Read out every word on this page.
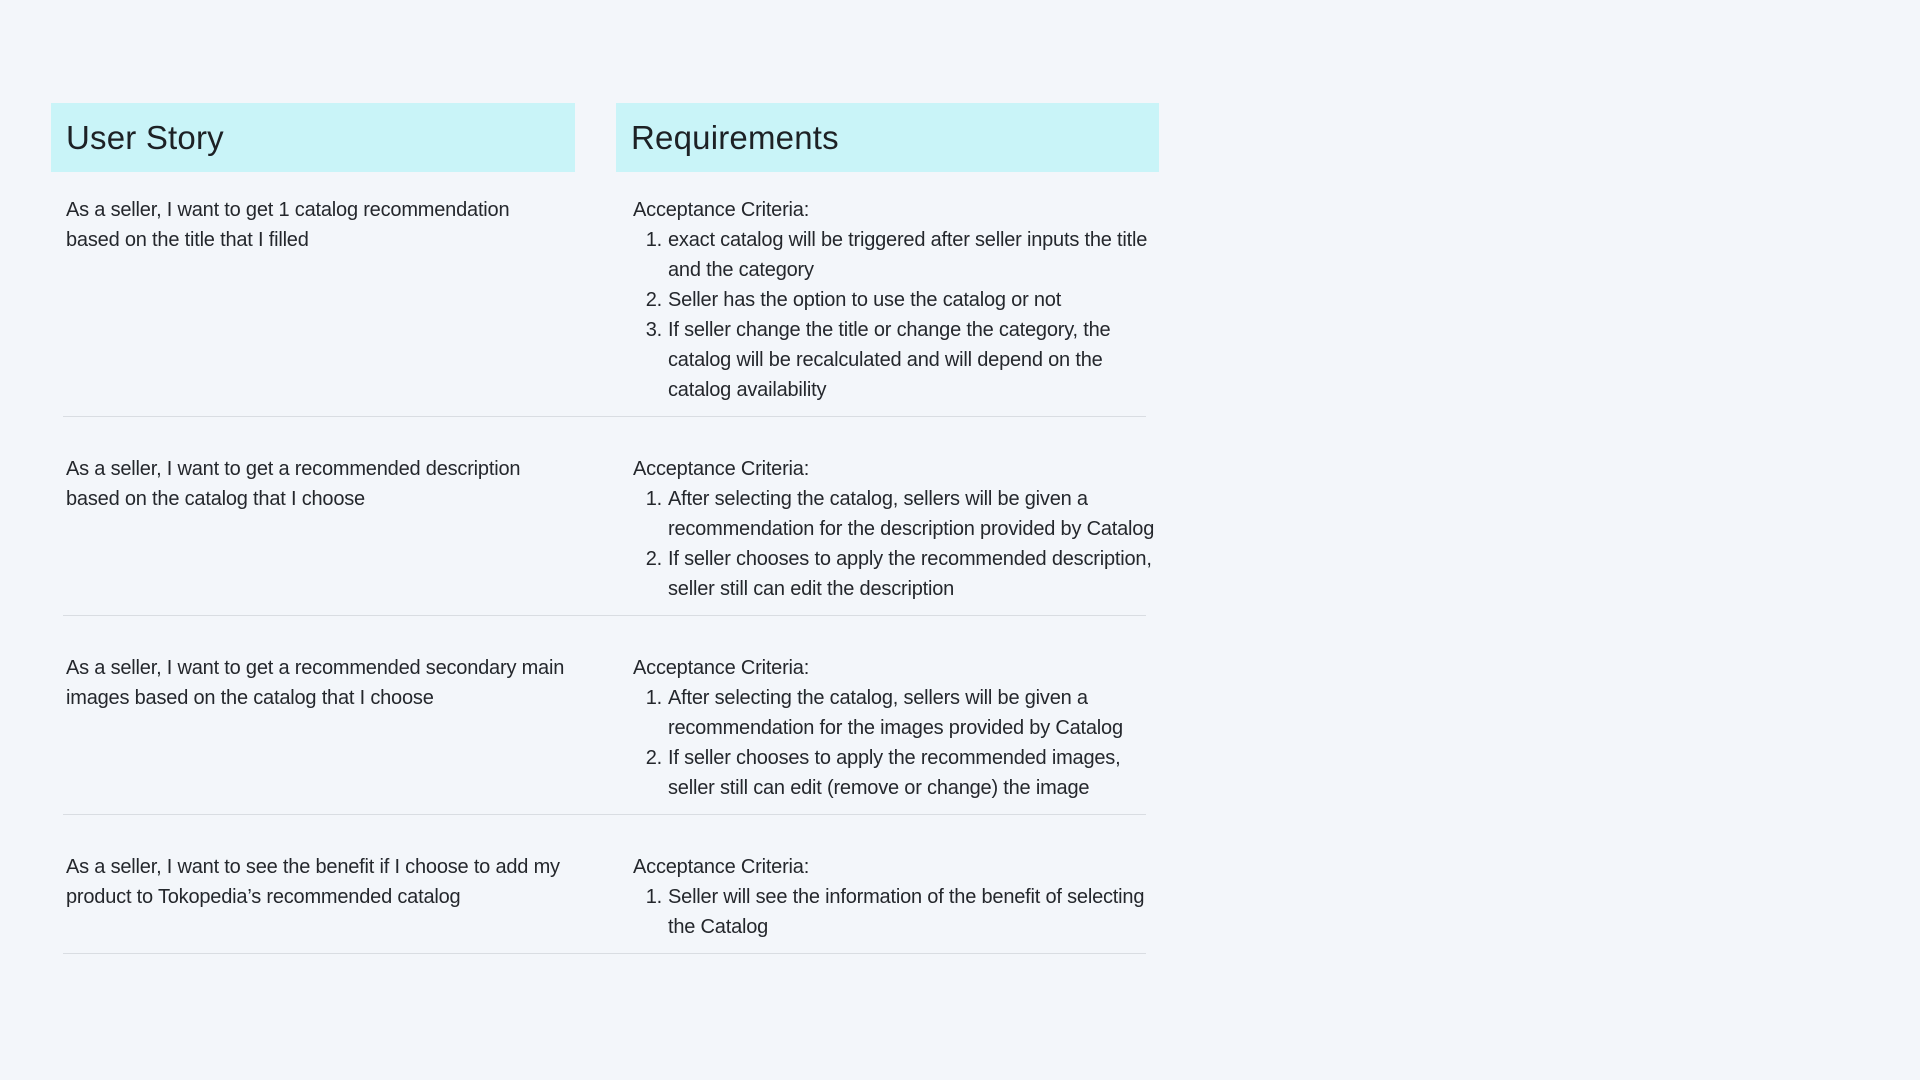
User Story	Requirements

As a seller, I want to get 1 catalog recommendation based on the title that I filled

Acceptance Criteria:

exact catalog will be triggered after seller inputs the title and the category
Seller has the option to use the catalog or not
If seller change the title or change the category, the catalog will be recalculated and will depend on the catalog availability

As a seller, I want to get a recommended description based on the catalog that I choose

Acceptance Criteria:

After selecting the catalog, sellers will be given a recommendation for the description provided by Catalog
If seller chooses to apply the recommended description, seller still can edit the description

As a seller, I want to get a recommended secondary main images based on the catalog that I choose

Acceptance Criteria:

After selecting the catalog, sellers will be given a recommendation for the images provided by Catalog
If seller chooses to apply the recommended images, seller still can edit (remove or change) the image

As a seller, I want to see the benefit if I choose to add my product to Tokopedia’s recommended catalog

Acceptance Criteria:

Seller will see the information of the benefit of selecting the Catalog
